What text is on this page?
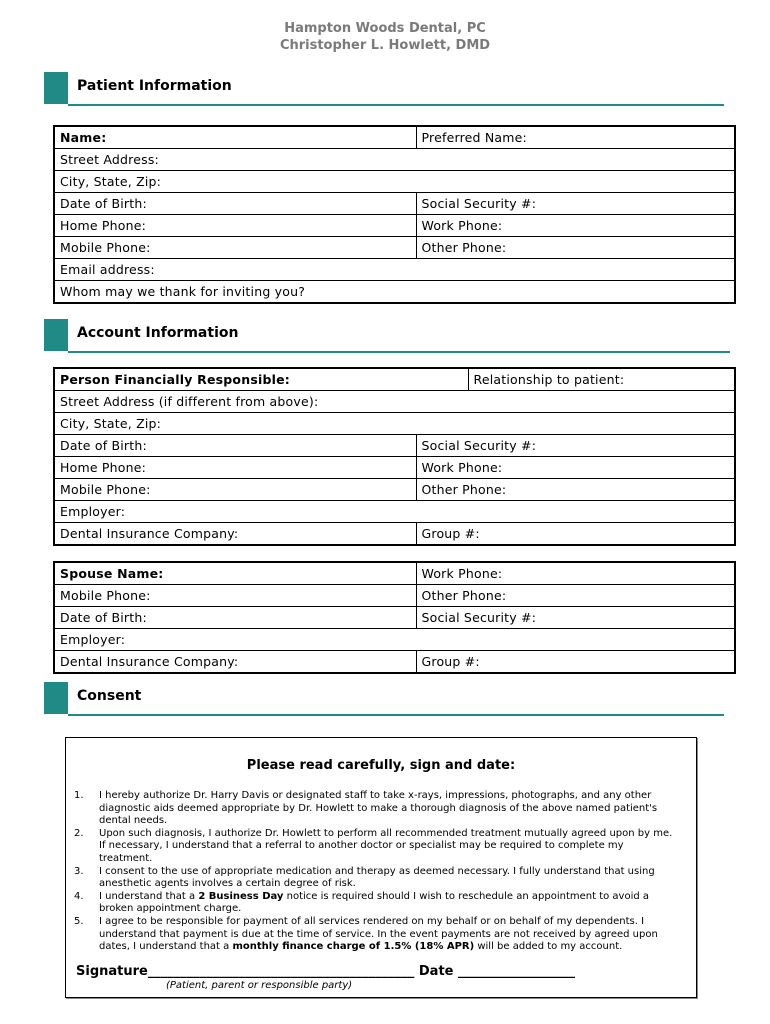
Hampton Woods Dental, PC
Christopher L. Howlett, DMD
Patient Information
Name:	Preferred Name:
Street Address:	
City, State, Zip:	
Date of Birth:	Social Security #:
Home Phone:	Work Phone:
Mobile Phone:	Other Phone:
Email address:	
Whom may we thank for inviting you?	
Account Information
Person Financially Responsible:		Relationship to patient:
Street Address (if different from above):		
City, State, Zip:		
Date of Birth:	Social Security #:	
Home Phone:	Work Phone:	
Mobile Phone:	Other Phone:	
Employer:		
Dental Insurance Company:	Group #:	
Spouse Name:	Work Phone:
Mobile Phone:	Other Phone:
Date of Birth:	Social Security #:
Employer:	
Dental Insurance Company:	Group #:
Consent
Please read carefully, sign and date:
1. I hereby authorize Dr. Harry Davis or designated staff to take x-rays, impressions, photographs, and any other diagnostic aids deemed appropriate by Dr. Howlett to make a thorough diagnosis of the above named patient's dental needs.
2. Upon such diagnosis, I authorize Dr. Howlett to perform all recommended treatment mutually agreed upon by me. If necessary, I understand that a referral to another doctor or specialist may be required to complete my treatment.
3. I consent to the use of appropriate medication and therapy as deemed necessary. I fully understand that using anesthetic agents involves a certain degree of risk.
4. I understand that a 2 Business Day notice is required should I wish to reschedule an appointment to avoid a broken appointment charge.
5. I agree to be responsible for payment of all services rendered on my behalf or on behalf of my dependents. I understand that payment is due at the time of service. In the event payments are not received by agreed upon dates, I understand that a monthly finance charge of 1.5% (18% APR) will be added to my account.
Signature_________________________________________ Date __________________
(Patient, parent or responsible party)
